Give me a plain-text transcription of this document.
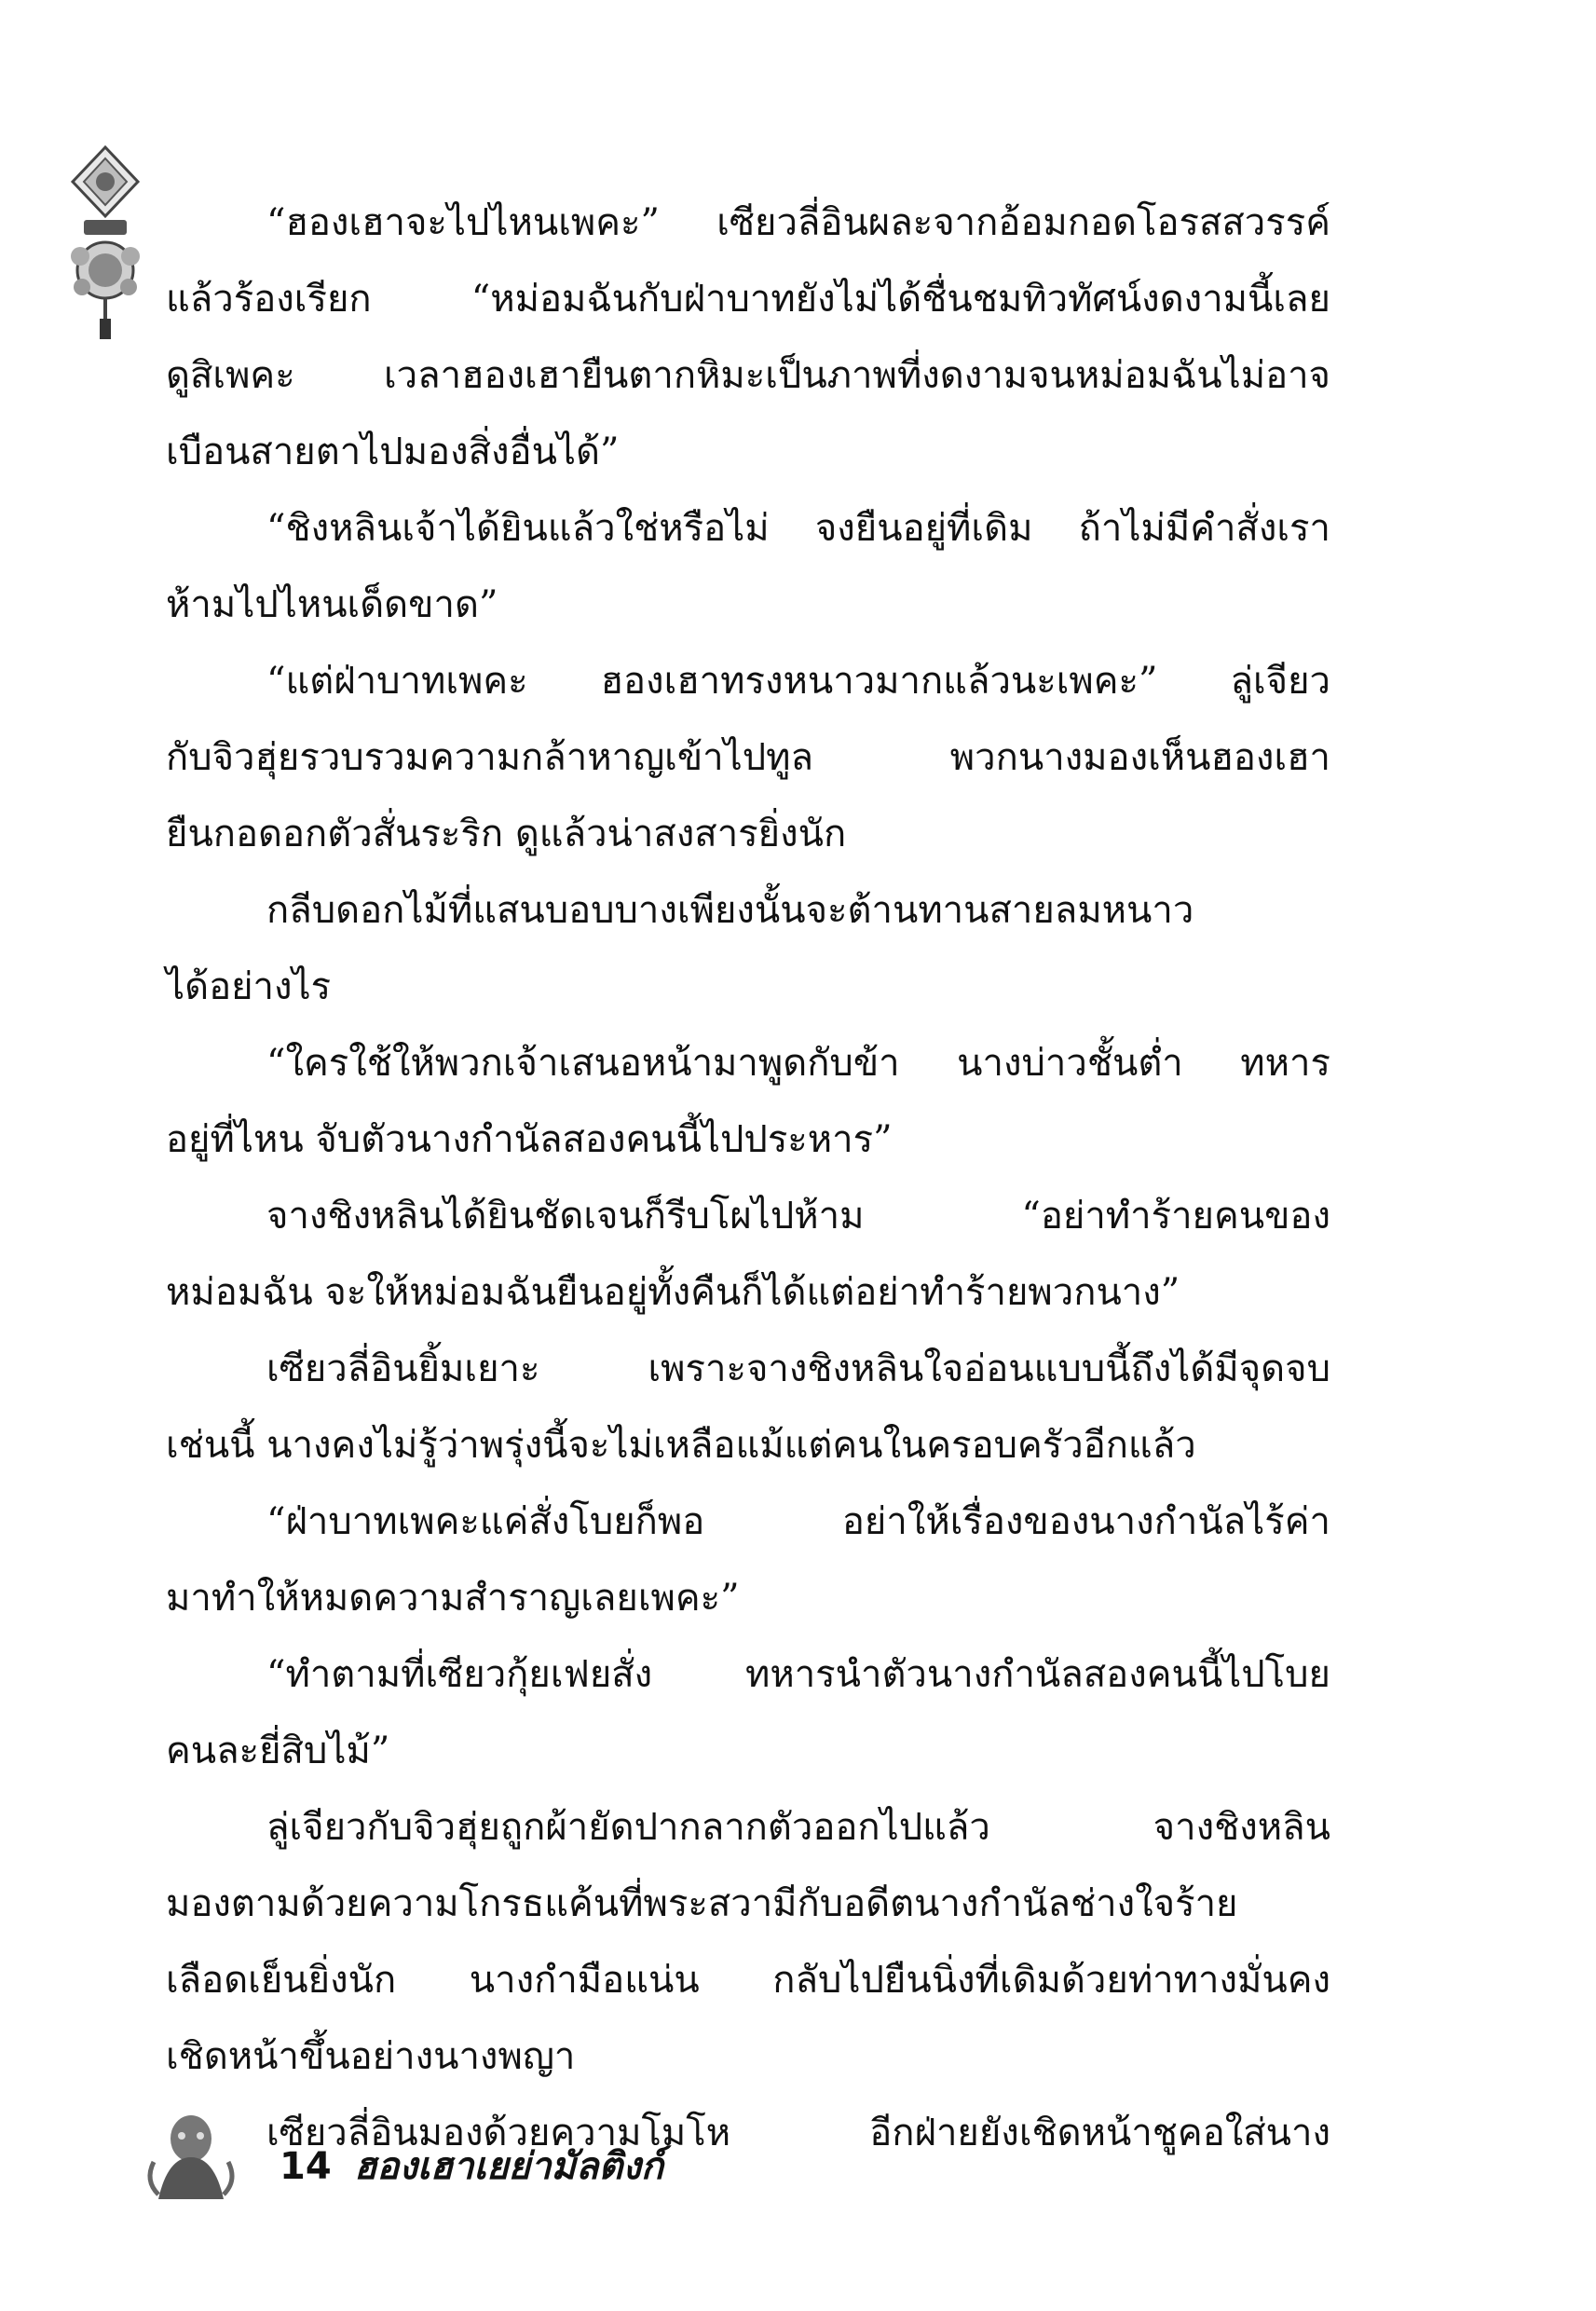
“ฮองเฮาจะไปไหนเพคะ” เซียวลี่อินผละจากอ้อมกอดโอรสสวรรค์
แล้วร้องเรียก “หม่อมฉันกับฝ่าบาทยังไม่ได้ชื่นชมทิวทัศน์งดงามนี้เลย
ดูสิเพคะ เวลาฮองเฮายืนตากหิมะเป็นภาพที่งดงามจนหม่อมฉันไม่อาจ
เบือนสายตาไปมองสิ่งอื่นได้”
“ชิงหลินเจ้าได้ยินแล้วใช่หรือไม่ จงยืนอยู่ที่เดิม ถ้าไม่มีคำสั่งเรา
ห้ามไปไหนเด็ดขาด”
“แต่ฝ่าบาทเพคะ ฮองเฮาทรงหนาวมากแล้วนะเพคะ” ลู่เจียว
กับจิวฮุ่ยรวบรวมความกล้าหาญเข้าไปทูล พวกนางมองเห็นฮองเฮา
ยืนกอดอกตัวสั่นระริก ดูแล้วน่าสงสารยิ่งนัก
กลีบดอกไม้ที่แสนบอบบางเพียงนั้นจะต้านทานสายลมหนาว
ได้อย่างไร
“ใครใช้ให้พวกเจ้าเสนอหน้ามาพูดกับข้า นางบ่าวชั้นต่ำ ทหาร
อยู่ที่ไหน จับตัวนางกำนัลสองคนนี้ไปประหาร”
จางชิงหลินได้ยินชัดเจนก็รีบโผไปห้าม “อย่าทำร้ายคนของ
หม่อมฉัน จะให้หม่อมฉันยืนอยู่ทั้งคืนก็ได้แต่อย่าทำร้ายพวกนาง”
เซียวลี่อินยิ้มเยาะ เพราะจางชิงหลินใจอ่อนแบบนี้ถึงได้มีจุดจบ
เช่นนี้ นางคงไม่รู้ว่าพรุ่งนี้จะไม่เหลือแม้แต่คนในครอบครัวอีกแล้ว
“ฝ่าบาทเพคะแค่สั่งโบยก็พอ อย่าให้เรื่องของนางกำนัลไร้ค่า
มาทำให้หมดความสำราญเลยเพคะ”
“ทำตามที่เซียวกุ้ยเฟยสั่ง ทหารนำตัวนางกำนัลสองคนนี้ไปโบย
คนละยี่สิบไม้”
ลู่เจียวกับจิวฮุ่ยถูกผ้ายัดปากลากตัวออกไปแล้ว จางชิงหลิน
มองตามด้วยความโกรธแค้นที่พระสวามีกับอดีตนางกำนัลช่างใจร้าย
เลือดเย็นยิ่งนัก นางกำมือแน่น กลับไปยืนนิ่งที่เดิมด้วยท่าทางมั่นคง
เชิดหน้าขึ้นอย่างนางพญา
เซียวลี่อินมองด้วยความโมโห อีกฝ่ายยังเชิดหน้าชูคอใส่นาง
14 ฮองเฮาเยย่ามัลติงก์
